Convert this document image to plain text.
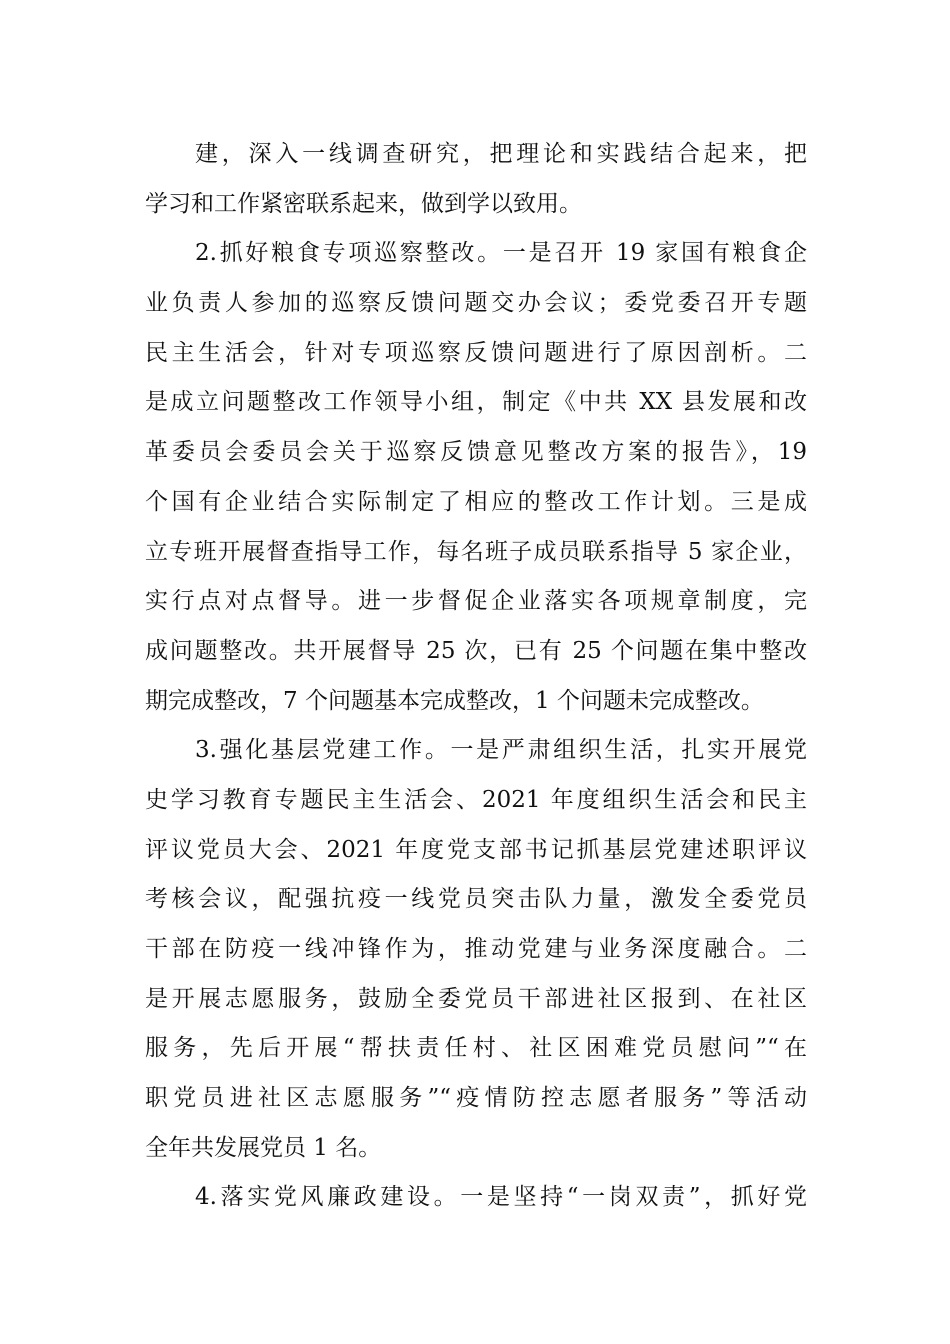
建，深入一线调查研究，把理论和实践结合起来，把
学习和工作紧密联系起来，做到学以致用。
2.抓好粮食专项巡察整改。一是召开 19 家国有粮食企
业负责人参加的巡察反馈问题交办会议；委党委召开专题
民主生活会，针对专项巡察反馈问题进行了原因剖析。二
是成立问题整改工作领导小组，制定《中共 XX 县发展和改
革委员会委员会关于巡察反馈意见整改方案的报告》，19
个国有企业结合实际制定了相应的整改工作计划。三是成
立专班开展督查指导工作，每名班子成员联系指导 5 家企业，
实行点对点督导。进一步督促企业落实各项规章制度，完
成问题整改。共开展督导 25 次，已有 25 个问题在集中整改
期完成整改，7 个问题基本完成整改，1 个问题未完成整改。
3.强化基层党建工作。一是严肃组织生活，扎实开展党
史学习教育专题民主生活会、2021 年度组织生活会和民主
评议党员大会、2021 年度党支部书记抓基层党建述职评议
考核会议，配强抗疫一线党员突击队力量，激发全委党员
干部在防疫一线冲锋作为，推动党建与业务深度融合。二
是开展志愿服务，鼓励全委党员干部进社区报到、在社区
服务，先后开展“帮扶责任村、社区困难党员慰问”“在
职党员进社区志愿服务”“疫情防控志愿者服务”等活动
全年共发展党员 1 名。
4.落实党风廉政建设。一是坚持“一岗双责”，抓好党
